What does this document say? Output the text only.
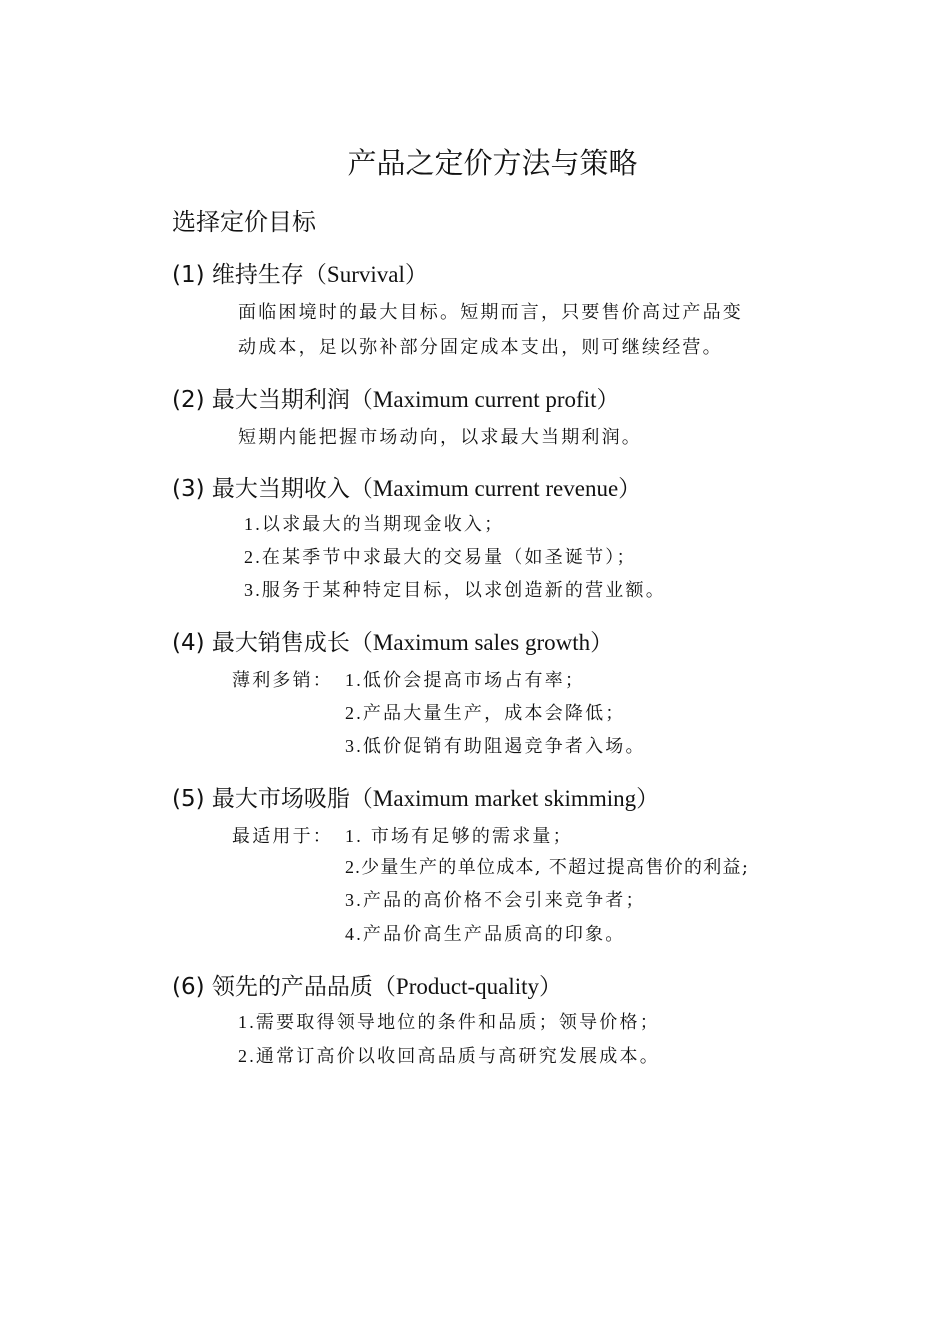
产品之定价方法与策略
选择定价目标
(1) 维持生存（Survival）
面临困境时的最大目标。短期而言，只要售价高过产品变
动成本，足以弥补部分固定成本支出，则可继续经营。
(2) 最大当期利润（Maximum current profit）
短期内能把握市场动向，以求最大当期利润。
(3) 最大当期收入（Maximum current revenue）
1.以求最大的当期现金收入；
2.在某季节中求最大的交易量（如圣诞节）；
3.服务于某种特定目标，以求创造新的营业额。
(4) 最大销售成长（Maximum sales growth）
薄利多销： 1.低价会提高市场占有率；
2.产品大量生产，成本会降低；
3.低价促销有助阻遏竞争者入场。
(5) 最大市场吸脂（Maximum market skimming）
最适用于： 1. 市场有足够的需求量；
2.少量生产的单位成本, 不超过提高售价的利益;
3.产品的高价格不会引来竞争者；
4.产品价高生产品质高的印象。
(6) 领先的产品品质（Product-quality）
1.需要取得领导地位的条件和品质；领导价格；
2.通常订高价以收回高品质与高研究发展成本。
